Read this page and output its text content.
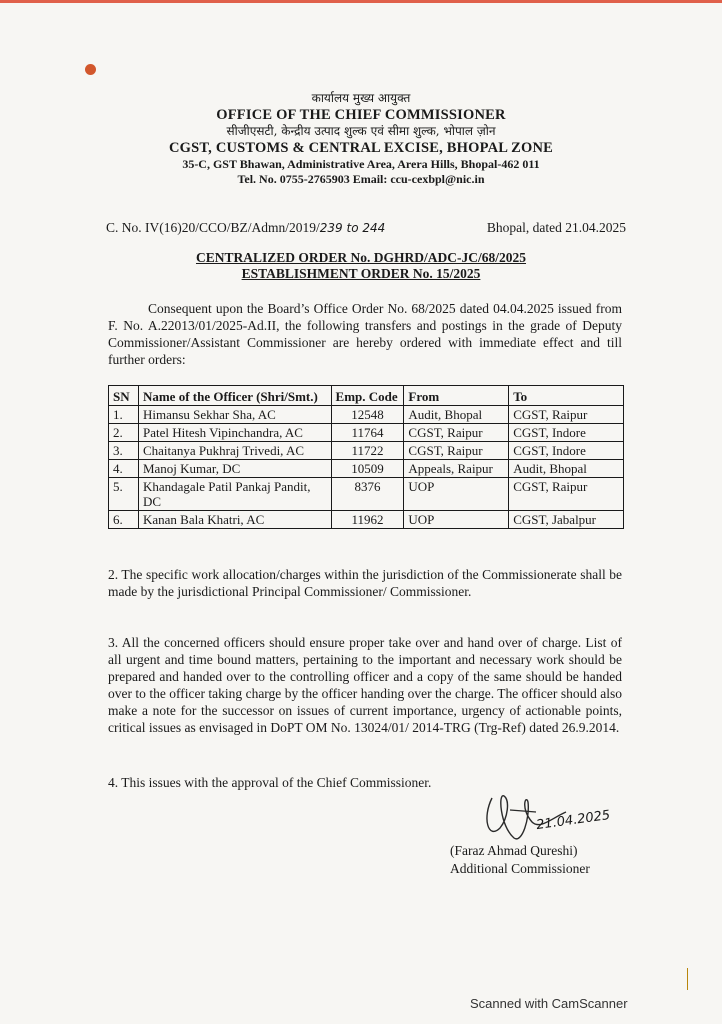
कार्यालय मुख्य आयुक्त
OFFICE OF THE CHIEF COMMISSIONER
सीजीएसटी, केन्द्रीय उत्पाद शुल्क एवं सीमा शुल्क, भोपाल ज़ोन
CGST, CUSTOMS & CENTRAL EXCISE, BHOPAL ZONE
35-C, GST Bhawan, Administrative Area, Arera Hills, Bhopal-462 011
Tel. No. 0755-2765903 Email: ccu-cexbpl@nic.in
C. No. IV(16)20/CCO/BZ/Admn/2019/239 to 244	Bhopal, dated 21.04.2025
CENTRALIZED ORDER No. DGHRD/ADC-JC/68/2025
ESTABLISHMENT ORDER No. 15/2025
Consequent upon the Board’s Office Order No. 68/2025 dated 04.04.2025 issued from F. No. A.22013/01/2025-Ad.II, the following transfers and postings in the grade of Deputy Commissioner/Assistant Commissioner are hereby ordered with immediate effect and till further orders:
SN	Name of the Officer (Shri/Smt.)	Emp. Code	From	To
1.	Himansu Sekhar Sha, AC	12548	Audit, Bhopal	CGST, Raipur
2.	Patel Hitesh Vipinchandra, AC	11764	CGST, Raipur	CGST, Indore
3.	Chaitanya Pukhraj Trivedi, AC	11722	CGST, Raipur	CGST, Indore
4.	Manoj Kumar, DC	10509	Appeals, Raipur	Audit, Bhopal
5.	Khandagale Patil Pankaj Pandit, DC	8376	UOP	CGST, Raipur
6.	Kanan Bala Khatri, AC	11962	UOP	CGST, Jabalpur
2. The specific work allocation/charges within the jurisdiction of the Commissionerate shall be made by the jurisdictional Principal Commissioner/ Commissioner.
3. All the concerned officers should ensure proper take over and hand over of charge. List of all urgent and time bound matters, pertaining to the important and necessary work should be prepared and handed over to the controlling officer and a copy of the same should be handed over to the officer taking charge by the officer handing over the charge. The officer should also make a note for the successor on issues of current importance, urgency of actionable points, critical issues as envisaged in DoPT OM No. 13024/01/ 2014-TRG (Trg-Ref) dated 26.9.2014.
4. This issues with the approval of the Chief Commissioner.
21.04.2025
(Faraz Ahmad Qureshi)
Additional Commissioner
Scanned with CamScanner
